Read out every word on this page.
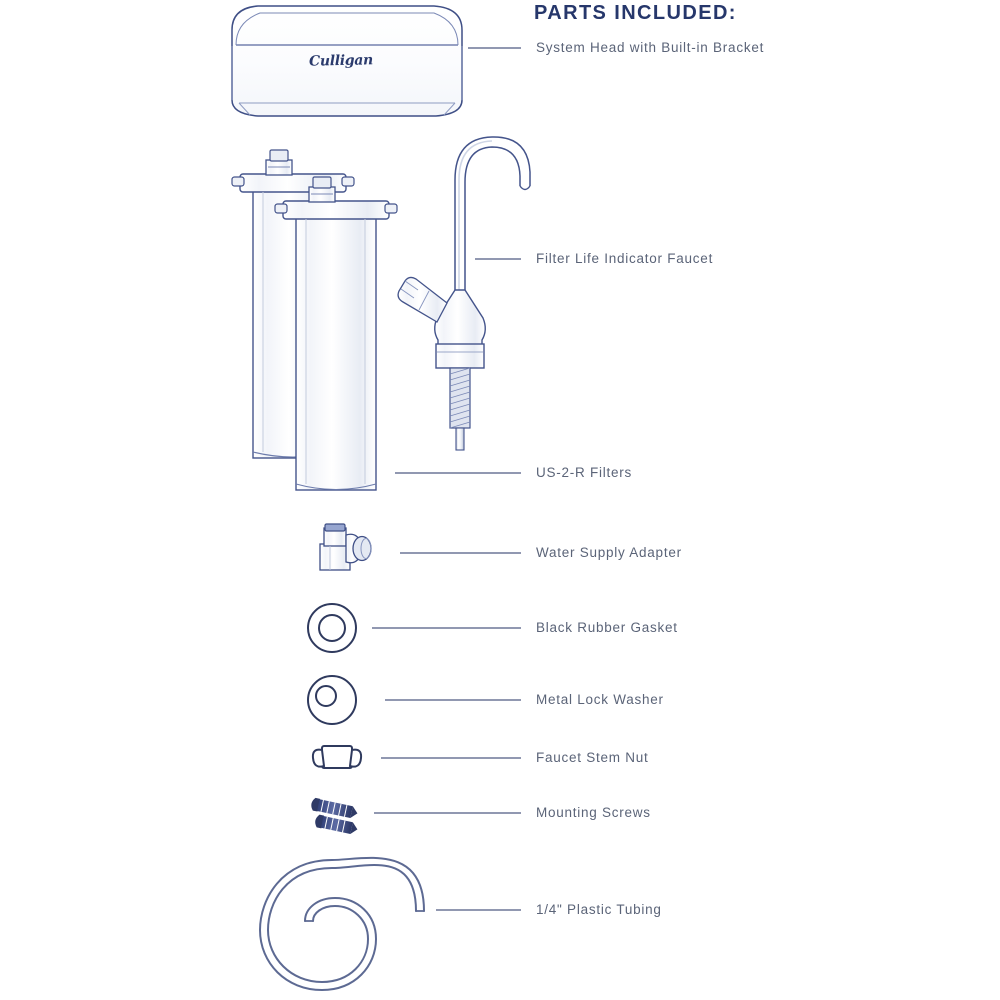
Culligan
PARTS INCLUDED:
System Head with Built-in Bracket
Filter Life Indicator Faucet
US-2-R Filters
Water Supply Adapter
Black Rubber Gasket
Metal Lock Washer
Faucet Stem Nut
Mounting Screws
1/4" Plastic Tubing
